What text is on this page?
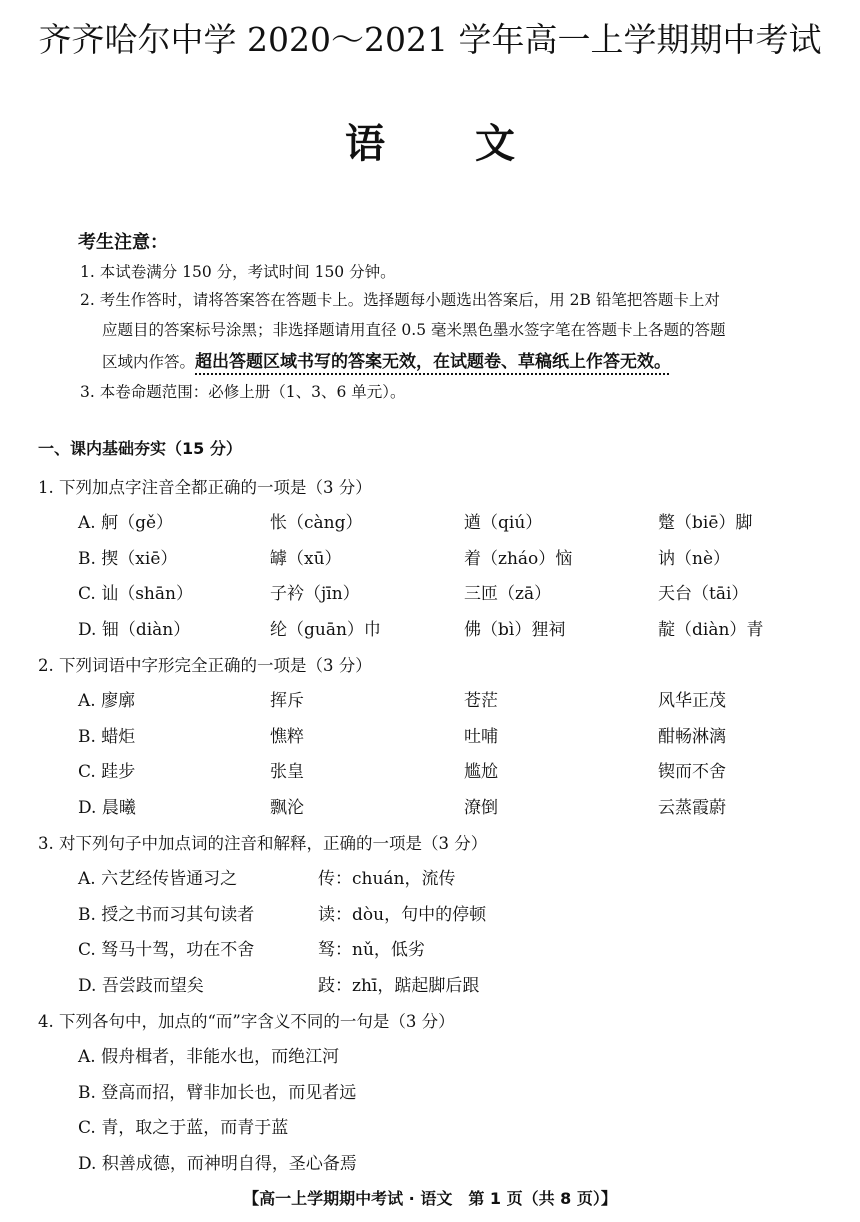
齐齐哈尔中学 2020～2021 学年高一上学期期中考试
语 文
考生注意：
1. 本试卷满分 150 分，考试时间 150 分钟。
2. 考生作答时，请将答案答在答题卡上。选择题每小题选出答案后，用 2B 铅笔把答题卡上对
应题目的答案标号涂黑；非选择题请用直径 0.5 毫米黑色墨水签字笔在答题卡上各题的答题
区域内作答。超出答题区域书写的答案无效，在试题卷、草稿纸上作答无效。
3. 本卷命题范围：必修上册（1、3、6 单元）。
一、课内基础夯实（15 分）
1. 下列加点字注音全都正确的一项是（3 分）
A. 舸（gě）	怅（càng）	遒（qiú）	蹩（biē）脚
B. 揳（xiē）	罅（xū）	着（zháo）恼	讷（nè）
C. 讪（shān）	子衿（jīn）	三匝（zā）	天台（tāi）
D. 钿（diàn）	纶（guān）巾	佛（bì）狸祠	靛（diàn）青
2. 下列词语中字形完全正确的一项是（3 分）
A. 廖廓	挥斥	苍茫	风华正茂
B. 蜡炬	憔粹	吐哺	酣畅淋漓
C. 跬步	张皇	尴尬	锲而不舍
D. 晨曦	飘沦	潦倒	云蒸霞蔚
3. 对下列句子中加点词的注音和解释，正确的一项是（3 分）
A. 六艺经传皆通习之	传：chuán，流传
B. 授之书而习其句读者	读：dòu，句中的停顿
C. 驽马十驾，功在不舍	驽：nǔ，低劣
D. 吾尝跂而望矣	跂：zhī，踮起脚后跟
4. 下列各句中，加点的“而”字含义不同的一句是（3 分）
A. 假舟楫者，非能水也，而绝江河
B. 登高而招，臂非加长也，而见者远
C. 青，取之于蓝，而青于蓝
D. 积善成德，而神明自得，圣心备焉
【高一上学期期中考试 · 语文　第 1 页（共 8 页）】
